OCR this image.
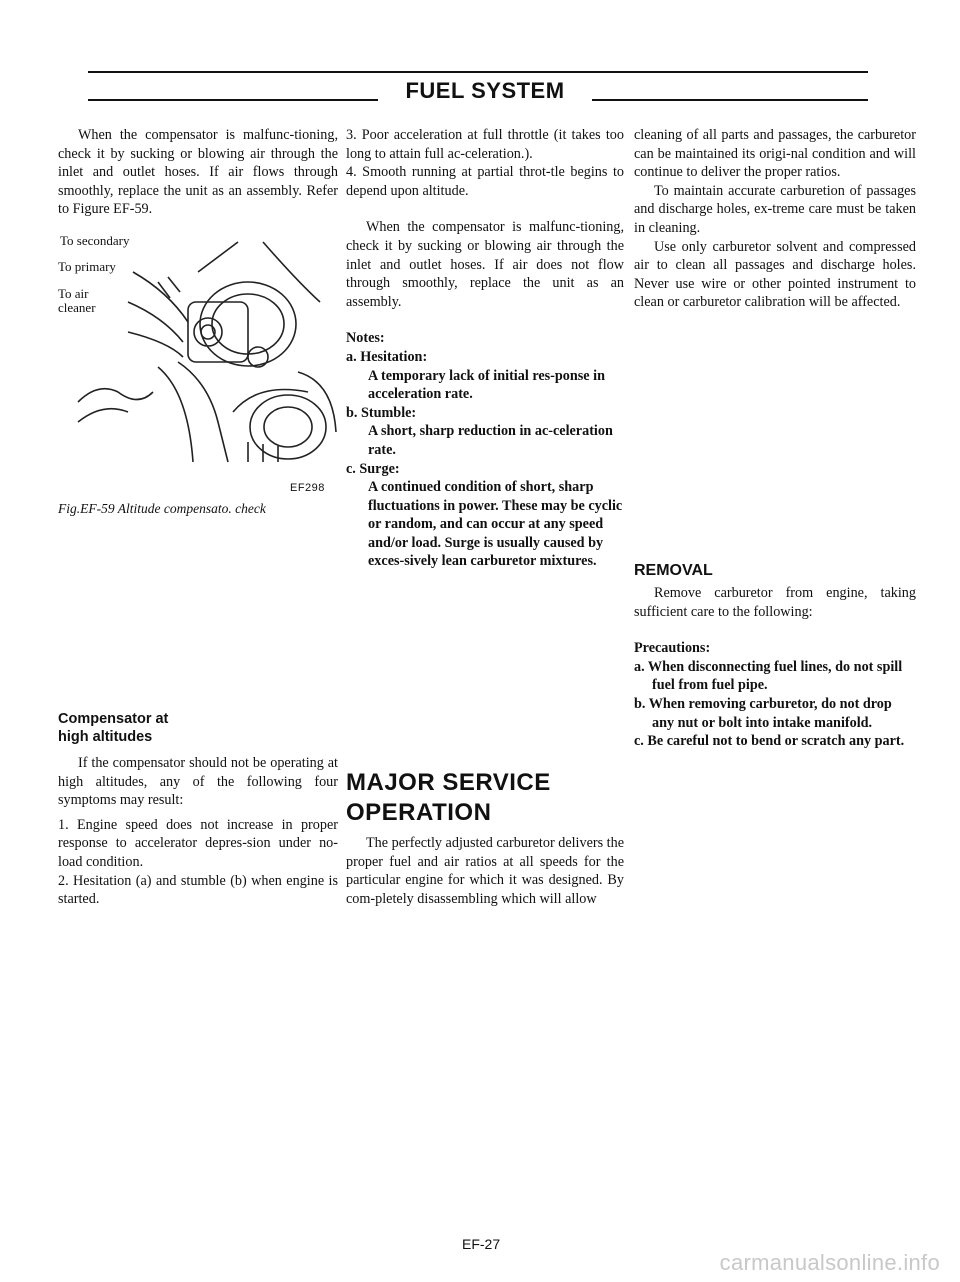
FUEL SYSTEM

When the compensator is malfunc-tioning, check it by sucking or blowing air through the inlet and outlet hoses. If air flows through smoothly, replace the unit as an assembly. Refer to Figure EF-59.

To secondary
To primary
To air
cleaner
EF298
Fig.EF-59 Altitude compensato. check
Compensator at
high altitudes

If the compensator should not be operating at high altitudes, any of the following four symptoms may result:

1. Engine speed does not increase in proper response to accelerator depres-sion under no-load condition.

2. Hesitation (a) and stumble (b) when engine is started.

3. Poor acceleration at full throttle (it takes too long to attain full ac-celeration.).

4. Smooth running at partial throt-tle begins to depend upon altitude.

When the compensator is malfunc-tioning, check it by sucking or blowing air through the inlet and outlet hoses. If air does not flow through smoothly, replace the unit as an assembly.

Notes:

a. Hesitation:

A temporary lack of initial res-ponse in acceleration rate.

b. Stumble:

A short, sharp reduction in ac-celeration rate.

c. Surge:

A continued condition of short, sharp fluctuations in power. These may be cyclic or random, and can occur at any speed and/or load. Surge is usually caused by exces-sively lean carburetor mixtures.

MAJOR SERVICE
OPERATION

The perfectly adjusted carburetor delivers the proper fuel and air ratios at all speeds for the particular engine for which it was designed. By com-pletely disassembling which will allow

cleaning of all parts and passages, the carburetor can be maintained its origi-nal condition and will continue to deliver the proper ratios.

To maintain accurate carburetion of passages and discharge holes, ex-treme care must be taken in cleaning.

Use only carburetor solvent and compressed air to clean all passages and discharge holes. Never use wire or other pointed instrument to clean or carburetor calibration will be affected.

REMOVAL

Remove carburetor from engine, taking sufficient care to the following:

Precautions:

a. When disconnecting fuel lines, do not spill fuel from fuel pipe.

b. When removing carburetor, do not drop any nut or bolt into intake manifold.

c. Be careful not to bend or scratch any part.

EF-27
carmanualsonline.info
